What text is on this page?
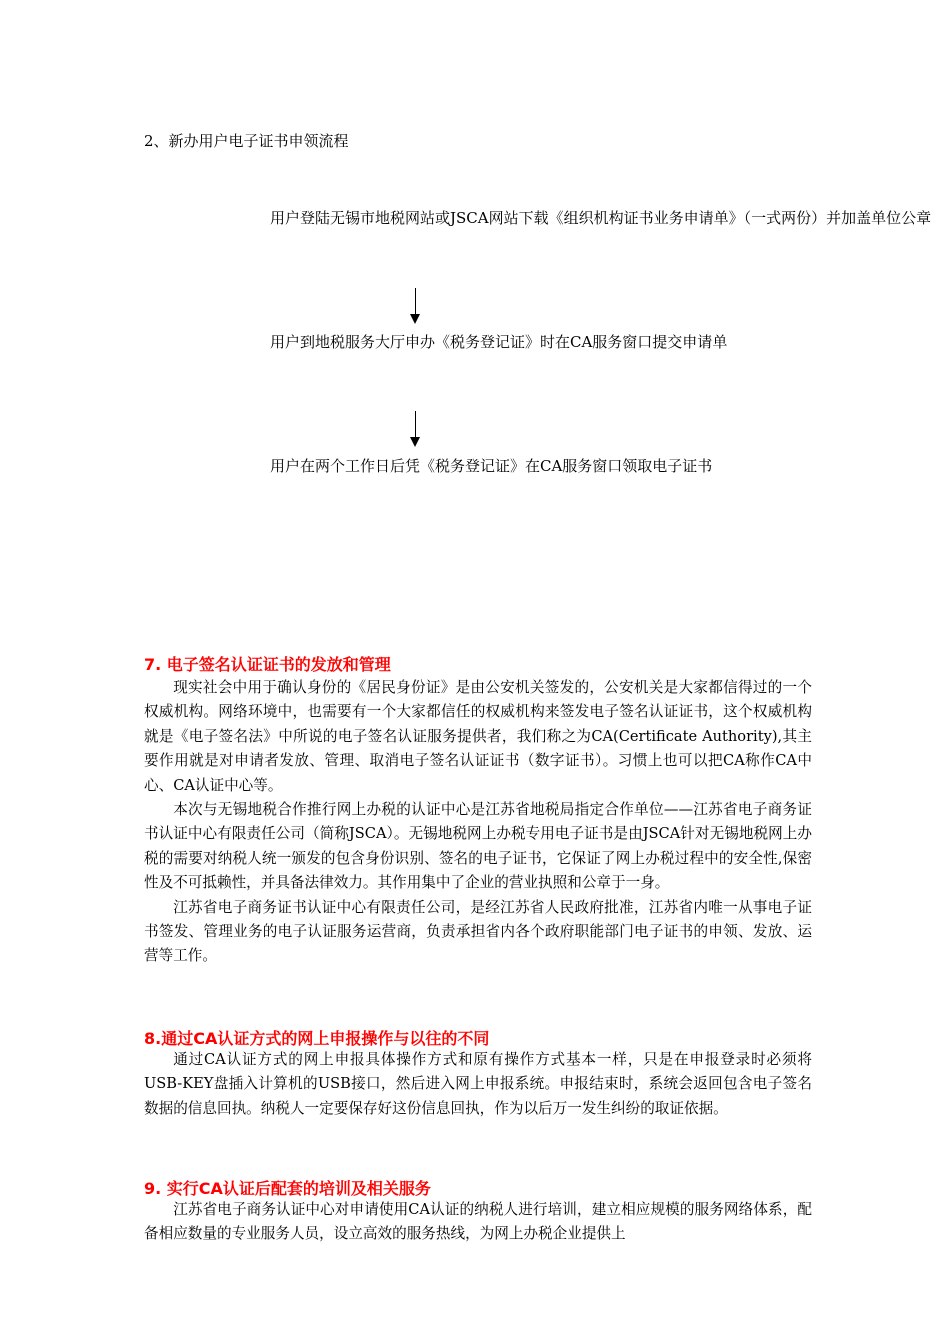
2、新办用户电子证书申领流程
用户登陆无锡市地税网站或JSCA网站下载《组织机构证书业务申请单》（一式两份）并加盖单位公章
用户到地税服务大厅申办《税务登记证》时在CA服务窗口提交申请单
用户在两个工作日后凭《税务登记证》在CA服务窗口领取电子证书
7. 电子签名认证证书的发放和管理

现实社会中用于确认身份的《居民身份证》是由公安机关签发的，公安机关是大家都信得过的一个权威机构。网络环境中，也需要有一个大家都信任的权威机构来签发电子签名认证证书，这个权威机构就是《电子签名法》中所说的电子签名认证服务提供者，我们称之为CA(Certificate Authority),其主要作用就是对申请者发放、管理、取消电子签名认证证书（数字证书）。习惯上也可以把CA称作CA中心、CA认证中心等。

本次与无锡地税合作推行网上办税的认证中心是江苏省地税局指定合作单位——江苏省电子商务证书认证中心有限责任公司（简称JSCA）。无锡地税网上办税专用电子证书是由JSCA针对无锡地税网上办税的需要对纳税人统一颁发的包含身份识别、签名的电子证书，它保证了网上办税过程中的安全性,保密性及不可抵赖性，并具备法律效力。其作用集中了企业的营业执照和公章于一身。

江苏省电子商务证书认证中心有限责任公司，是经江苏省人民政府批准，江苏省内唯一从事电子证书签发、管理业务的电子认证服务运营商，负责承担省内各个政府职能部门电子证书的申领、发放、运营等工作。

8.通过CA认证方式的网上申报操作与以往的不同

通过CA认证方式的网上申报具体操作方式和原有操作方式基本一样，只是在申报登录时必须将USB-KEY盘插入计算机的USB接口，然后进入网上申报系统。申报结束时，系统会返回包含电子签名数据的信息回执。纳税人一定要保存好这份信息回执，作为以后万一发生纠纷的取证依据。

9. 实行CA认证后配套的培训及相关服务

江苏省电子商务认证中心对申请使用CA认证的纳税人进行培训，建立相应规模的服务网络体系，配备相应数量的专业服务人员，设立高效的服务热线，为网上办税企业提供上
